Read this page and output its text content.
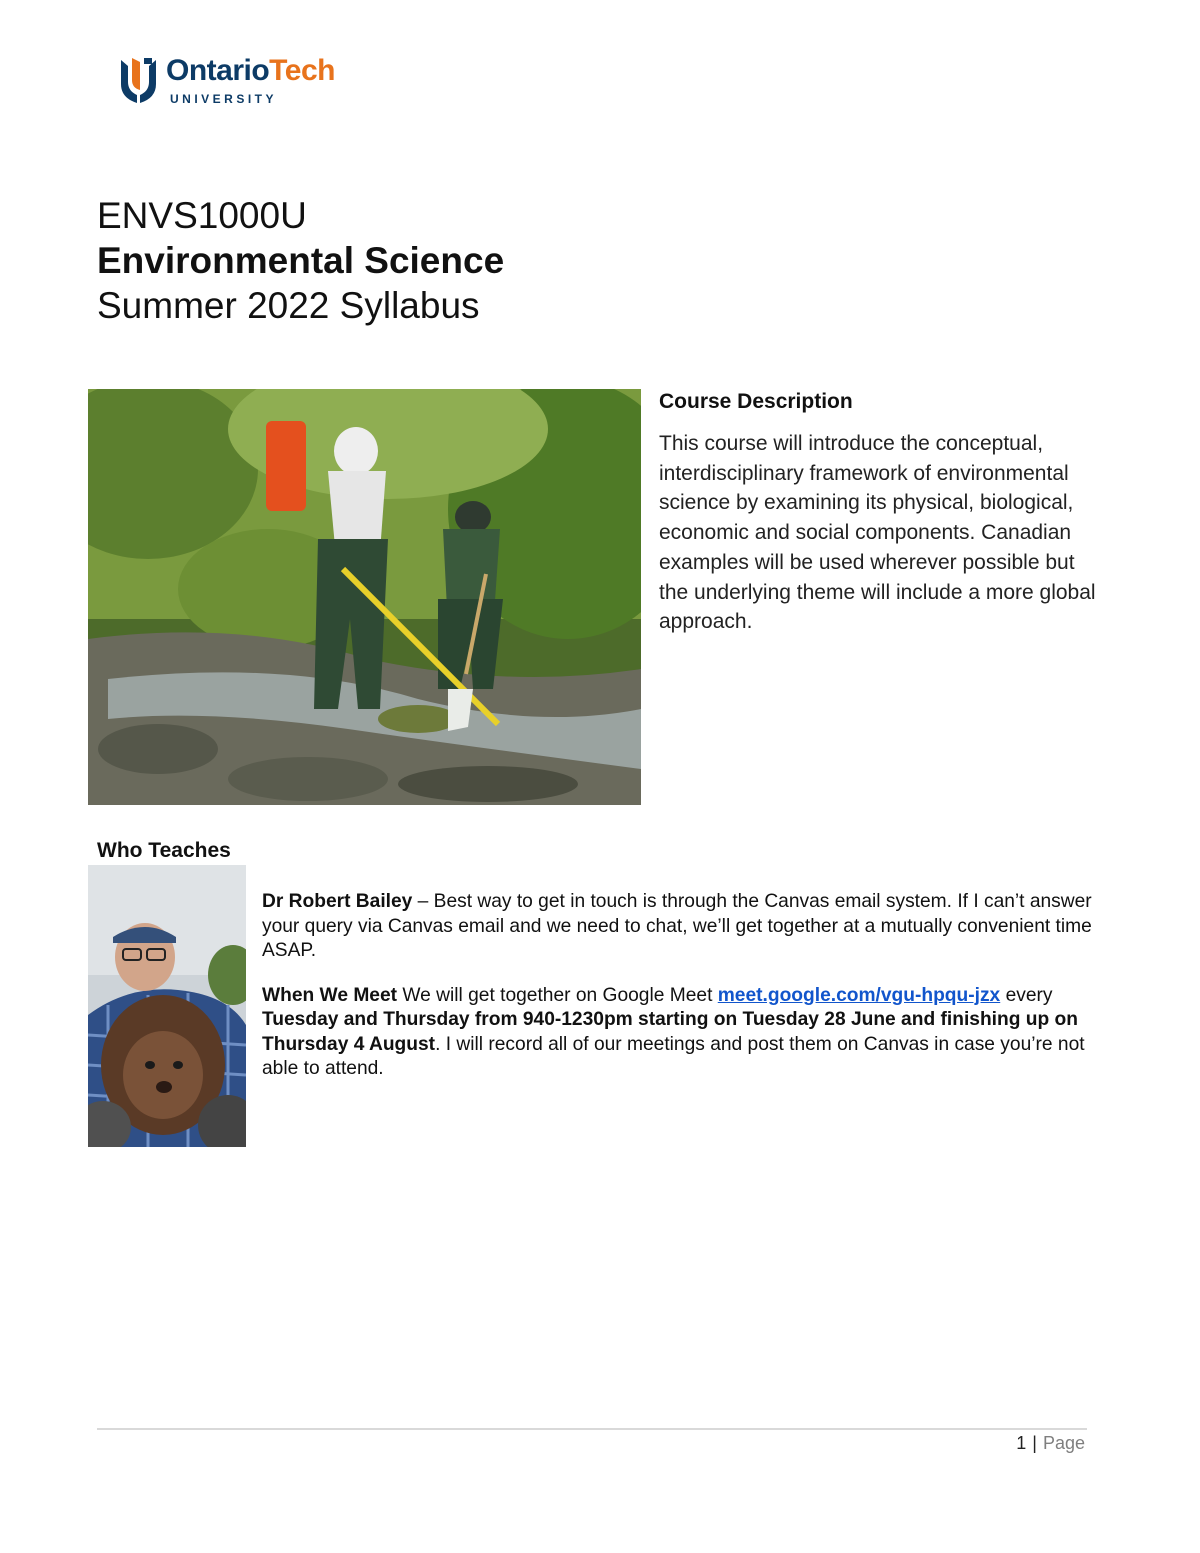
OntarioTech
UNIVERSITY
ENVS1000U
Environmental Science
Summer 2022 Syllabus
Course Description

This course will introduce the conceptual, interdisciplinary framework of environmental science by examining its physical, biological, economic and social components. Canadian examples will be used wherever possible but the underlying theme will include a more global approach.

Who Teaches

Dr Robert Bailey – Best way to get in touch is through the Canvas email system. If I can’t answer your query via Canvas email and we need to chat, we’ll get together at a mutually convenient time ASAP.

When We Meet We will get together on Google Meet meet.google.com/vgu-hpqu-jzx every Tuesday and Thursday from 940-1230pm starting on Tuesday 28 June and finishing up on Thursday 4 August. I will record all of our meetings and post them on Canvas in case you’re not able to attend.

1 | Page
